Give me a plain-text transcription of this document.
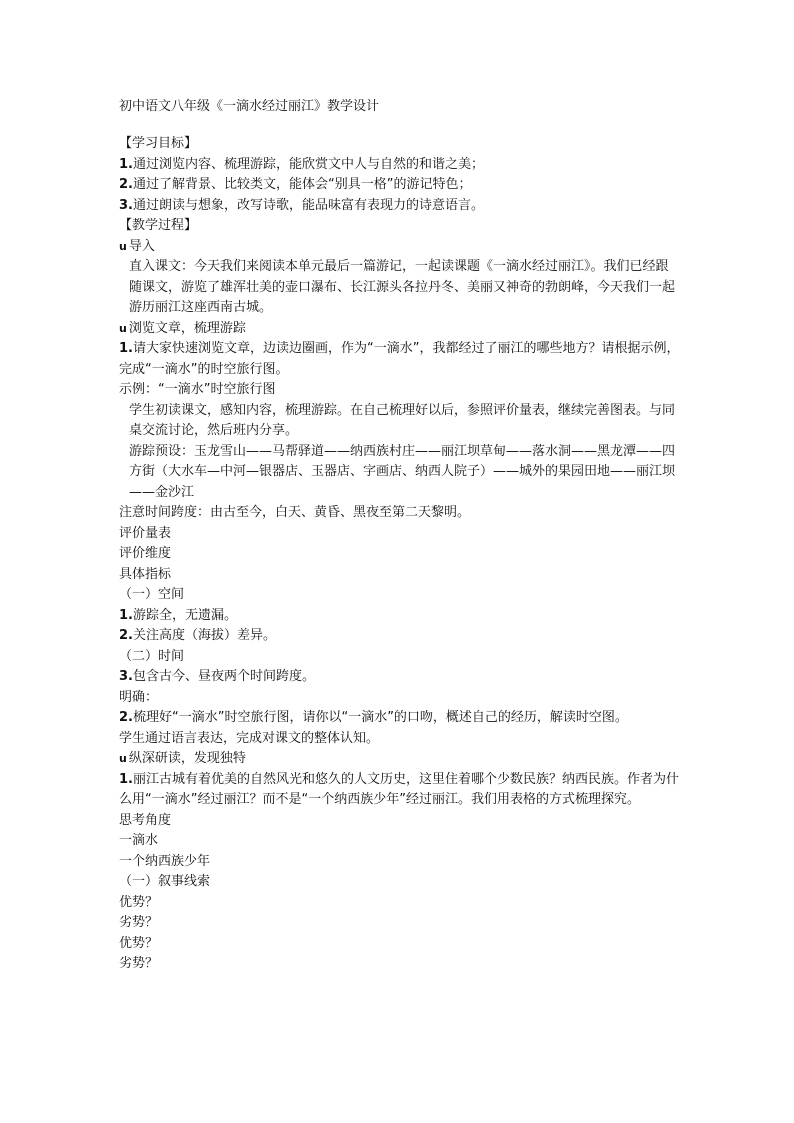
初中语文八年级《一滴水经过丽江》教学设计
【学习目标】
1.通过浏览内容、梳理游踪，能欣赏文中人与自然的和谐之美；
2.通过了解背景、比较类文，能体会“别具一格”的游记特色；
3.通过朗读与想象，改写诗歌，能品味富有表现力的诗意语言。
【教学过程】
u 导入
直入课文：今天我们来阅读本单元最后一篇游记，一起读课题《一滴水经过丽江》。我们已经跟随课文，游览了雄浑壮美的壶口瀑布、长江源头各拉丹冬、美丽又神奇的勃朗峰，今天我们一起游历丽江这座西南古城。
u 浏览文章，梳理游踪
1.请大家快速浏览文章，边读边圈画，作为“一滴水”，我都经过了丽江的哪些地方？请根据示例，完成“一滴水”的时空旅行图。
示例：“一滴水”时空旅行图
学生初读课文，感知内容，梳理游踪。在自己梳理好以后，参照评价量表，继续完善图表。与同桌交流讨论，然后班内分享。
游踪预设：玉龙雪山——马帮驿道——纳西族村庄——丽江坝草甸——落水洞——黑龙潭——四方街（大水车—中河—银器店、玉器店、字画店、纳西人院子）——城外的果园田地——丽江坝——金沙江
注意时间跨度：由古至今，白天、黄昏、黑夜至第二天黎明。
评价量表
评价维度
具体指标
（一）空间
1.游踪全，无遗漏。
2.关注高度（海拔）差异。
（二）时间
3.包含古今、昼夜两个时间跨度。
明确：
2.梳理好“一滴水”时空旅行图，请你以“一滴水”的口吻，概述自己的经历，解读时空图。
学生通过语言表达，完成对课文的整体认知。
u 纵深研读，发现独特
1.丽江古城有着优美的自然风光和悠久的人文历史，这里住着哪个少数民族？纳西民族。作者为什么用“一滴水”经过丽江？而不是“一个纳西族少年”经过丽江。我们用表格的方式梳理探究。
思考角度
一滴水
一个纳西族少年
（一）叙事线索
优势？
劣势？
优势？
劣势？
